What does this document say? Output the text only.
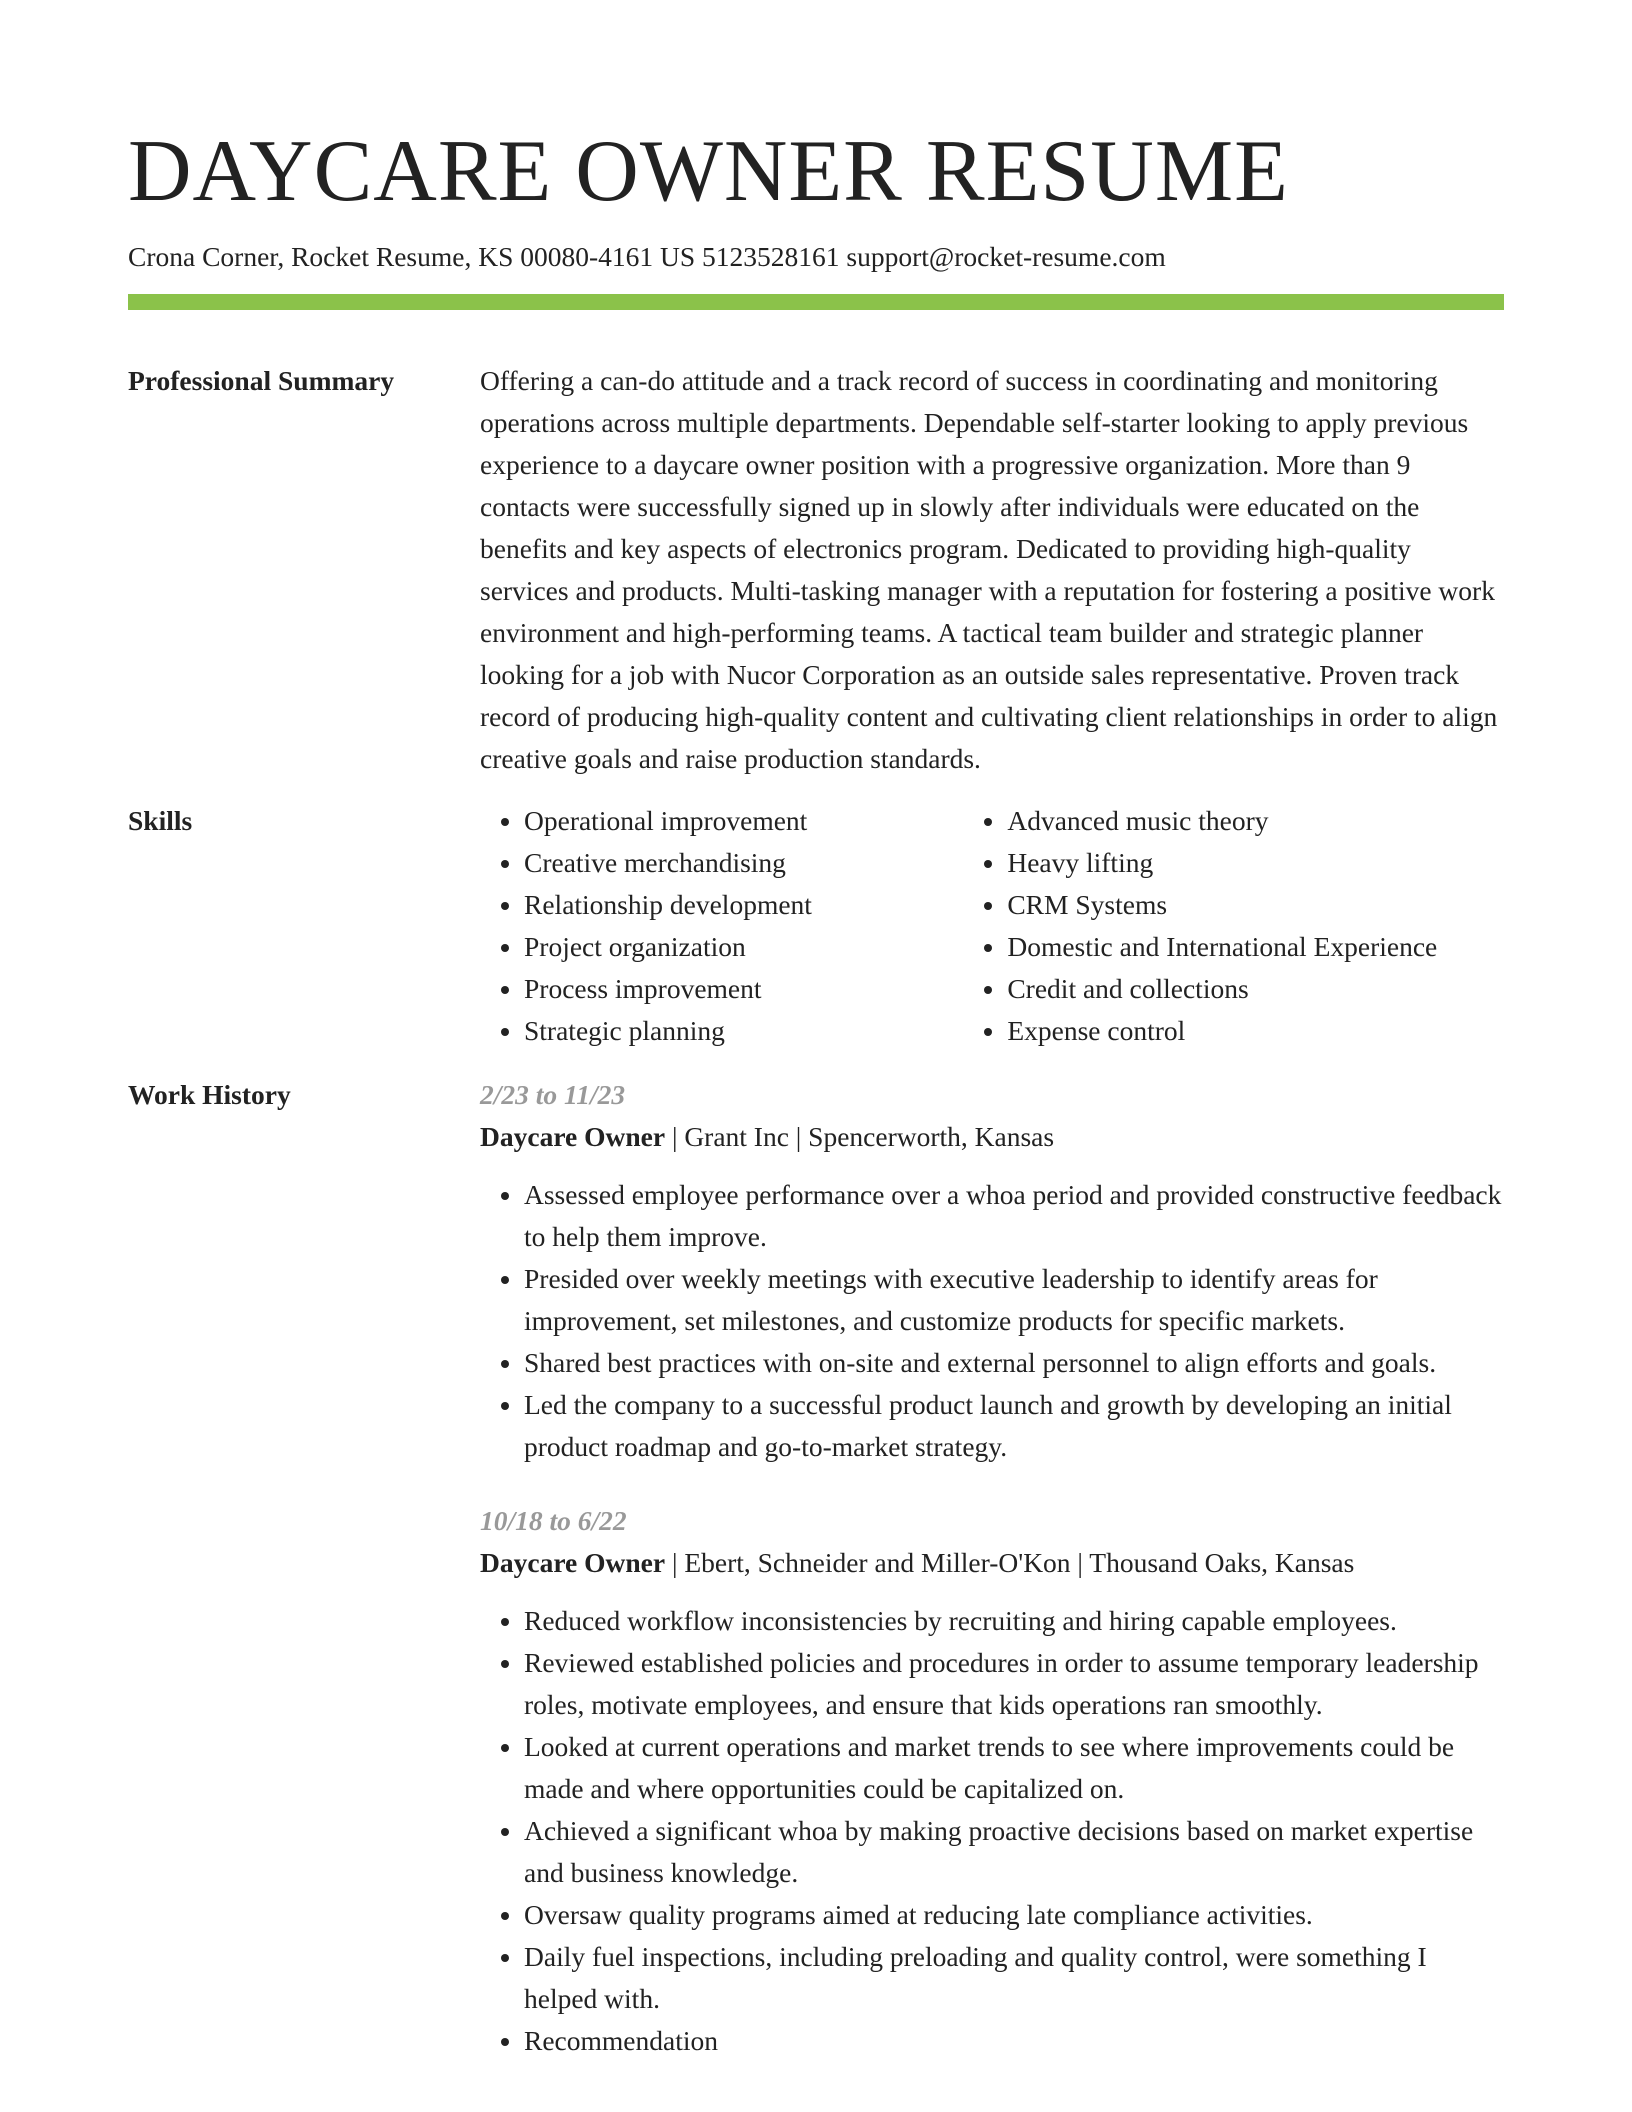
DAYCARE OWNER RESUME
Crona Corner, Rocket Resume, KS 00080-4161 US 5123528161 support@rocket-resume.com
Professional Summary	Offering a can-do attitude and a track record of success in coordinating and monitoring operations across multiple departments. Dependable self-starter looking to apply previous experience to a daycare owner position with a progressive organization. More than 9 contacts were successfully signed up in slowly after individuals were educated on the benefits and key aspects of electronics program. Dedicated to providing high-quality services and products. Multi-tasking manager with a reputation for fostering a positive work environment and high-performing teams. A tactical team builder and strategic planner looking for a job with Nucor Corporation as an outside sales representative. Proven track record of producing high-quality content and cultivating client relationships in order to align creative goals and raise production standards.

Skills
•	Operational improvement
• Creative merchandising
• Relationship development
• Project organization
• Process improvement
• Strategic planning
• Advanced music theory
• Heavy lifting
• CRM Systems
• Domestic and International Experience
• Credit and collections
• Expense control
Work History	2/23 to 11/23
Daycare Owner | Grant Inc | Spencerworth, Kansas
• Assessed employee performance over a whoa period and provided constructive feedback to help them improve.
• Presided over weekly meetings with executive leadership to identify areas for improvement, set milestones, and customize products for specific markets.
• Shared best practices with on-site and external personnel to align efforts and goals.
• Led the company to a successful product launch and growth by developing an initial product roadmap and go-to-market strategy.
10/18 to 6/22
Daycare Owner | Ebert, Schneider and Miller-O'Kon | Thousand Oaks, Kansas
• Reduced workflow inconsistencies by recruiting and hiring capable employees.
• Reviewed established policies and procedures in order to assume temporary leadership roles, motivate employees, and ensure that kids operations ran smoothly.
• Looked at current operations and market trends to see where improvements could be made and where opportunities could be capitalized on.
• Achieved a significant whoa by making proactive decisions based on market expertise and business knowledge.
• Oversaw quality programs aimed at reducing late compliance activities.
• Daily fuel inspections, including preloading and quality control, were something I helped with.
• Recommendation
